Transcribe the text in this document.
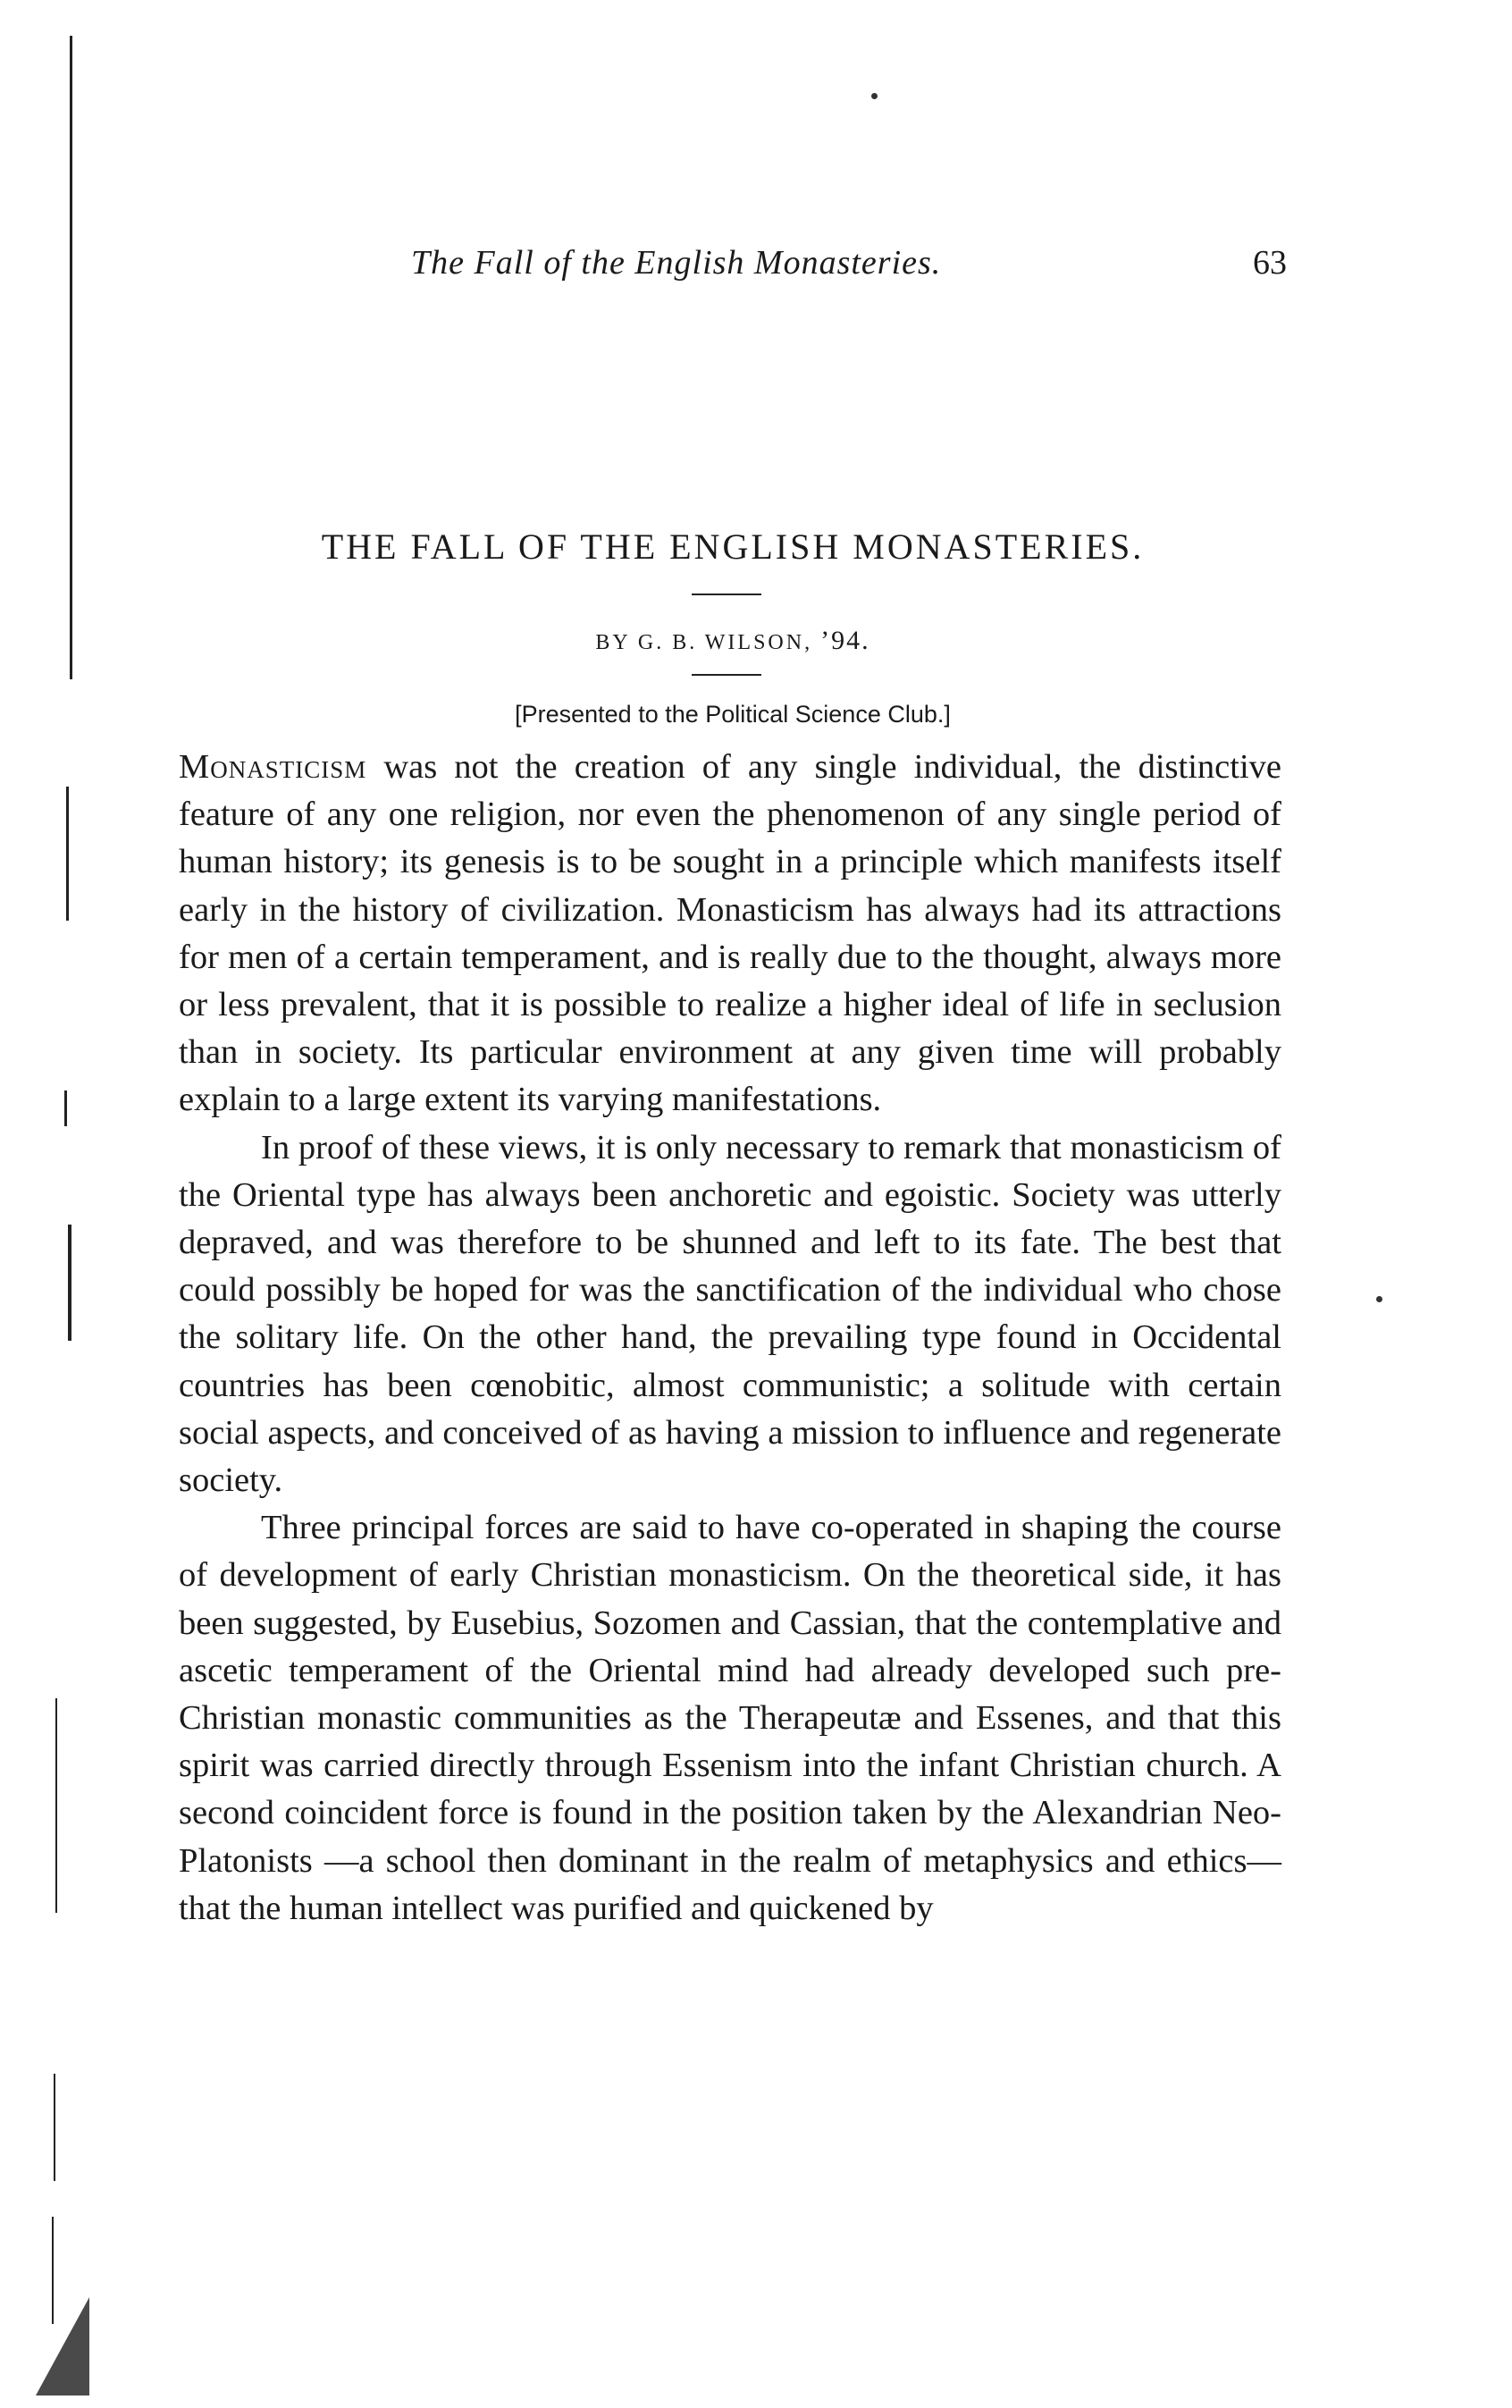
The Fall of the English Monasteries.	63
THE FALL OF THE ENGLISH MONASTERIES.
BY G. B. WILSON, ’94.
[Presented to the Political Science Club.]

Monasticism was not the creation of any single individual, the distinctive feature of any one religion, nor even the phenomenon of any single period of human history; its genesis is to be sought in a principle which manifests itself early in the history of civilization. Monasticism has always had its attractions for men of a certain temperament, and is really due to the thought, always more or less prevalent, that it is possible to realize a higher ideal of life in seclusion than in society. Its particular environment at any given time will probably explain to a large extent its varying manifestations.

In proof of these views, it is only necessary to remark that monasticism of the Oriental type has always been anchoretic and egoistic. Society was utterly depraved, and was therefore to be shunned and left to its fate. The best that could possibly be hoped for was the sanctification of the individual who chose the solitary life. On the other hand, the prevailing type found in Occidental countries has been cœnobitic, almost communistic; a solitude with certain social aspects, and conceived of as having a mission to influence and regenerate society.

Three principal forces are said to have co-operated in shaping the course of development of early Christian monasticism. On the theoretical side, it has been suggested, by Eusebius, Sozomen and Cassian, that the contemplative and ascetic temperament of the Oriental mind had already developed such pre-Christian monastic communities as the Therapeutæ and Essenes, and that this spirit was carried directly through Essenism into the infant Christian church. A second coincident force is found in the position taken by the Alexandrian Neo-Platonists —a school then dominant in the realm of metaphysics and ethics—that the human intellect was purified and quickened by
